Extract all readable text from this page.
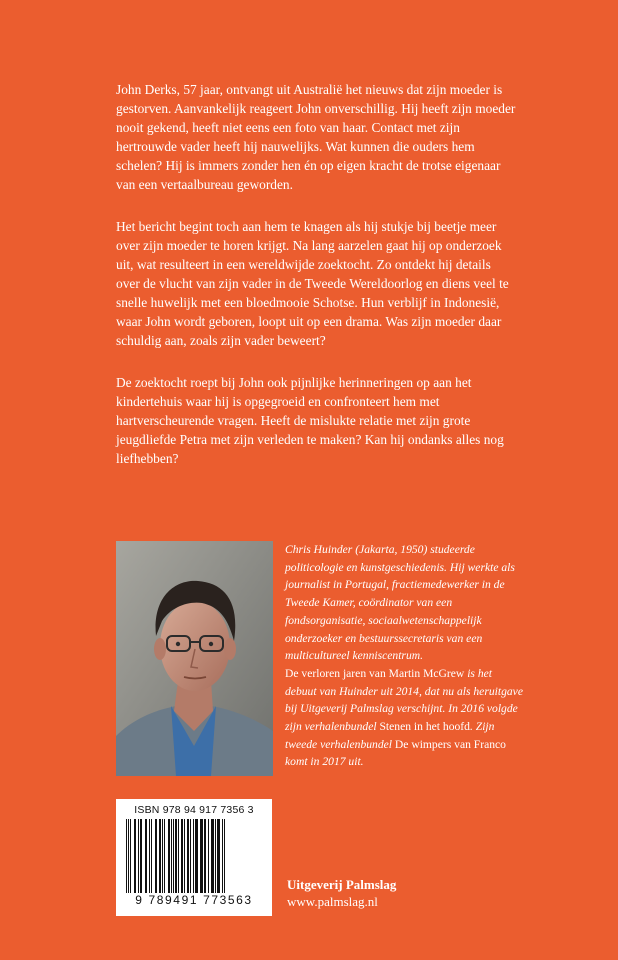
John Derks, 57 jaar, ontvangt uit Australië het nieuws dat zijn moeder is gestorven. Aanvankelijk reageert John onverschillig. Hij heeft zijn moeder nooit gekend, heeft niet eens een foto van haar. Contact met zijn hertrouwde vader heeft hij nauwelijks. Wat kunnen die ouders hem schelen? Hij is immers zonder hen én op eigen kracht de trotse eigenaar van een vertaalbureau geworden.

Het bericht begint toch aan hem te knagen als hij stukje bij beetje meer over zijn moeder te horen krijgt. Na lang aarzelen gaat hij op onderzoek uit, wat resulteert in een wereldwijde zoektocht. Zo ontdekt hij details over de vlucht van zijn vader in de Tweede Wereldoorlog en diens veel te snelle huwelijk met een bloedmooie Schotse. Hun verblijf in Indonesië, waar John wordt geboren, loopt uit op een drama. Was zijn moeder daar schuldig aan, zoals zijn vader beweert?

De zoektocht roept bij John ook pijnlijke herinneringen op aan het kindertehuis waar hij is opgegroeid en confronteert hem met hartverscheurende vragen. Heeft de mislukte relatie met zijn grote jeugdliefde Petra met zijn verleden te maken? Kan hij ondanks alles nog liefhebben?

Chris Huinder (Jakarta, 1950) studeerde politicologie en kunstgeschiedenis. Hij werkte als journalist in Portugal, fractiemedewerker in de Tweede Kamer, coördinator van een fondsorganisatie, sociaalwetenschappelijk onderzoeker en bestuurssecretaris van een multicultureel kenniscentrum.
De verloren jaren van Martin McGrew is het debuut van Huinder uit 2014, dat nu als heruitgave bij Uitgeverij Palmslag verschijnt. In 2016 volgde zijn verhalenbundel Stenen in het hoofd. Zijn tweede verhalenbundel De wimpers van Franco komt in 2017 uit.
ISBN 978 94 917 7356 3
9 789491 773563
Uitgeverij Palmslag
www.palmslag.nl
